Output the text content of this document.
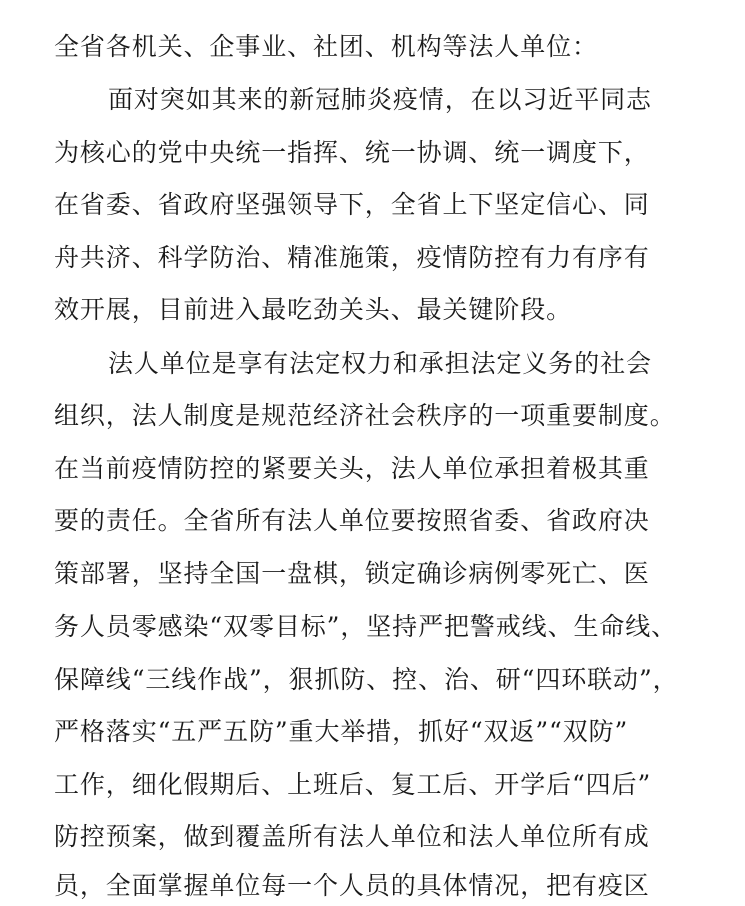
全省各机关、企事业、社团、机构等法人单位：
面对突如其来的新冠肺炎疫情，在以习近平同志
为核心的党中央统一指挥、统一协调、统一调度下，
在省委、省政府坚强领导下，全省上下坚定信心、同
舟共济、科学防治、精准施策，疫情防控有力有序有
效开展，目前进入最吃劲关头、最关键阶段。
法人单位是享有法定权力和承担法定义务的社会
组织，法人制度是规范经济社会秩序的一项重要制度。
在当前疫情防控的紧要关头，法人单位承担着极其重
要的责任。全省所有法人单位要按照省委、省政府决
策部署，坚持全国一盘棋，锁定确诊病例零死亡、医
务人员零感染“双零目标”，坚持严把警戒线、生命线、
保障线“三线作战”，狠抓防、控、治、研“四环联动”，
严格落实“五严五防”重大举措，抓好“双返”“双防”
工作，细化假期后、上班后、复工后、开学后“四后”
防控预案，做到覆盖所有法人单位和法人单位所有成
员，全面掌握单位每一个人员的具体情况，把有疫区
